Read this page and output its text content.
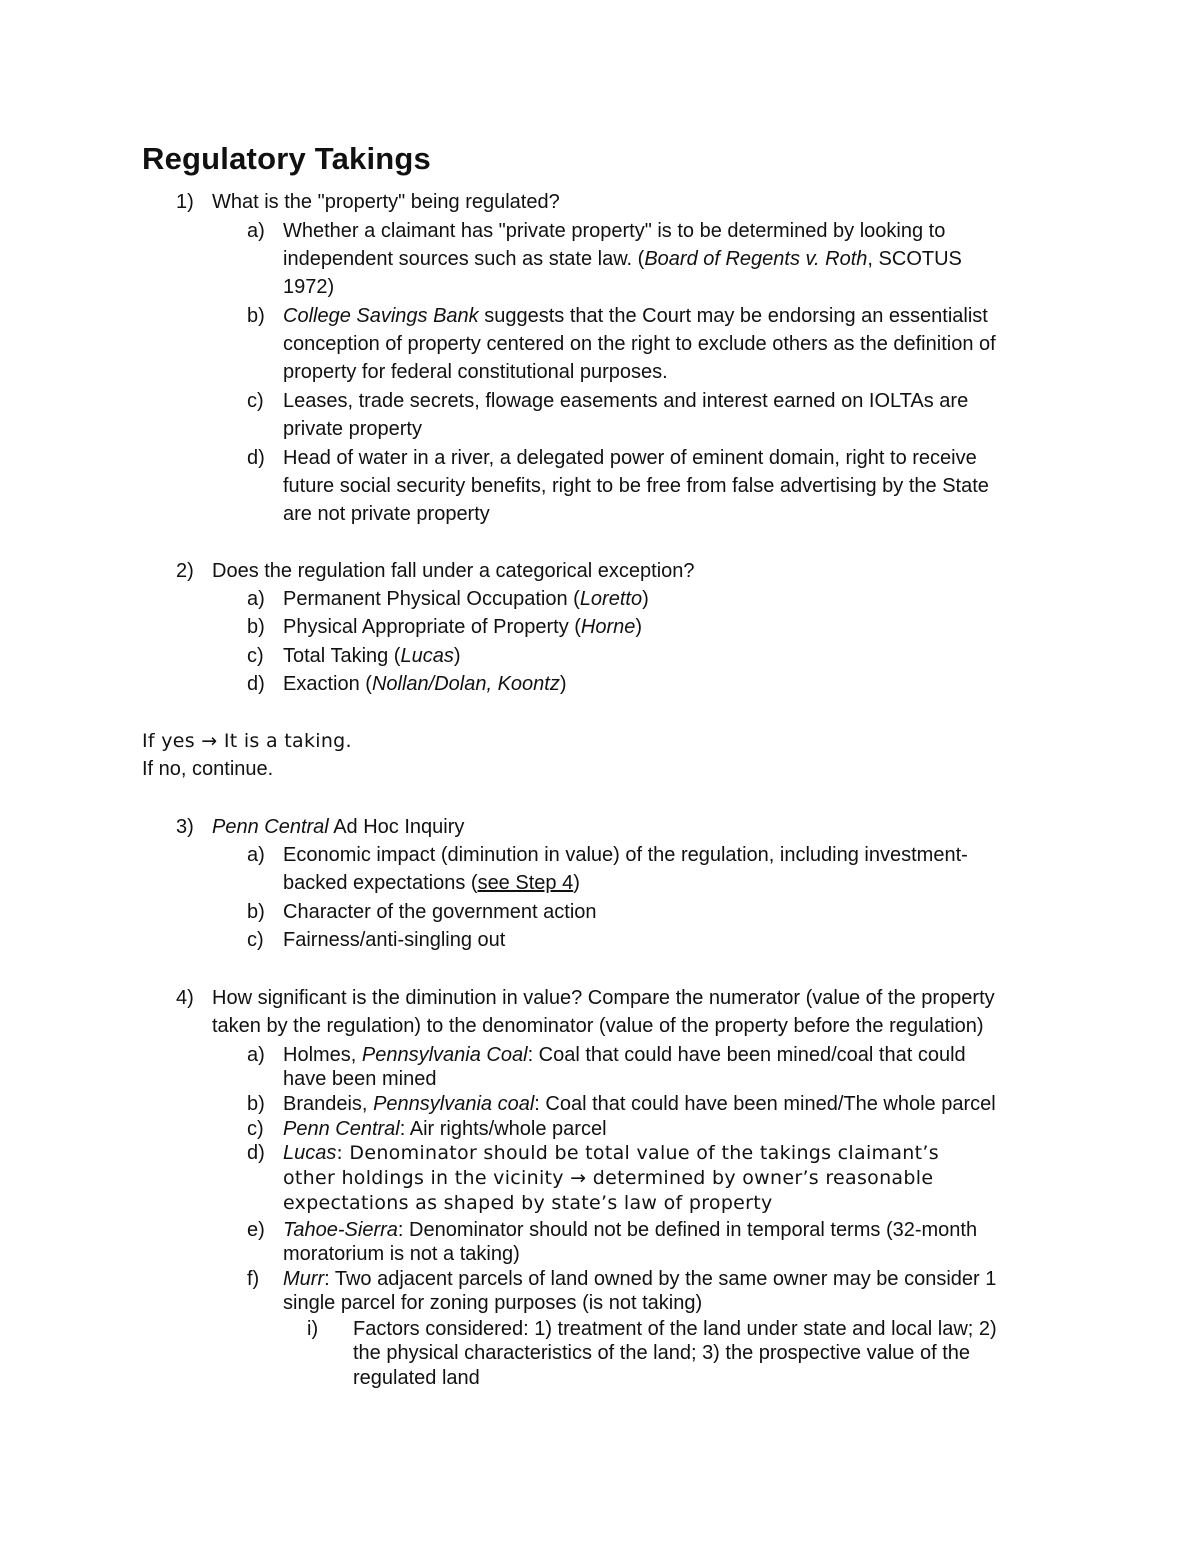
Regulatory Takings
1) What is the "property" being regulated?
a) Whether a claimant has "private property" is to be determined by looking to
independent sources such as state law. (Board of Regents v. Roth, SCOTUS
1972)
b) College Savings Bank suggests that the Court may be endorsing an essentialist
conception of property centered on the right to exclude others as the definition of
property for federal constitutional purposes.
c) Leases, trade secrets, flowage easements and interest earned on IOLTAs are
private property
d) Head of water in a river, a delegated power of eminent domain, right to receive
future social security benefits, right to be free from false advertising by the State
are not private property
2) Does the regulation fall under a categorical exception?
a) Permanent Physical Occupation (Loretto)
b) Physical Appropriate of Property (Horne)
c) Total Taking (Lucas)
d) Exaction (Nollan/Dolan, Koontz)
If yes → It is a taking.
If no, continue.
3) Penn Central Ad Hoc Inquiry
a) Economic impact (diminution in value) of the regulation, including investment-
backed expectations (see Step 4)
b) Character of the government action
c) Fairness/anti-singling out
4) How significant is the diminution in value? Compare the numerator (value of the property
taken by the regulation) to the denominator (value of the property before the regulation)
a) Holmes, Pennsylvania Coal: Coal that could have been mined/coal that could
have been mined
b) Brandeis, Pennsylvania coal: Coal that could have been mined/The whole parcel
c) Penn Central: Air rights/whole parcel
d) Lucas: Denominator should be total value of the takings claimant’s
other holdings in the vicinity → determined by owner’s reasonable
expectations as shaped by state’s law of property
e) Tahoe-Sierra: Denominator should not be defined in temporal terms (32-month
moratorium is not a taking)
f) Murr: Two adjacent parcels of land owned by the same owner may be consider 1
single parcel for zoning purposes (is not taking)
i) Factors considered: 1) treatment of the land under state and local law; 2)
the physical characteristics of the land; 3) the prospective value of the
regulated land
